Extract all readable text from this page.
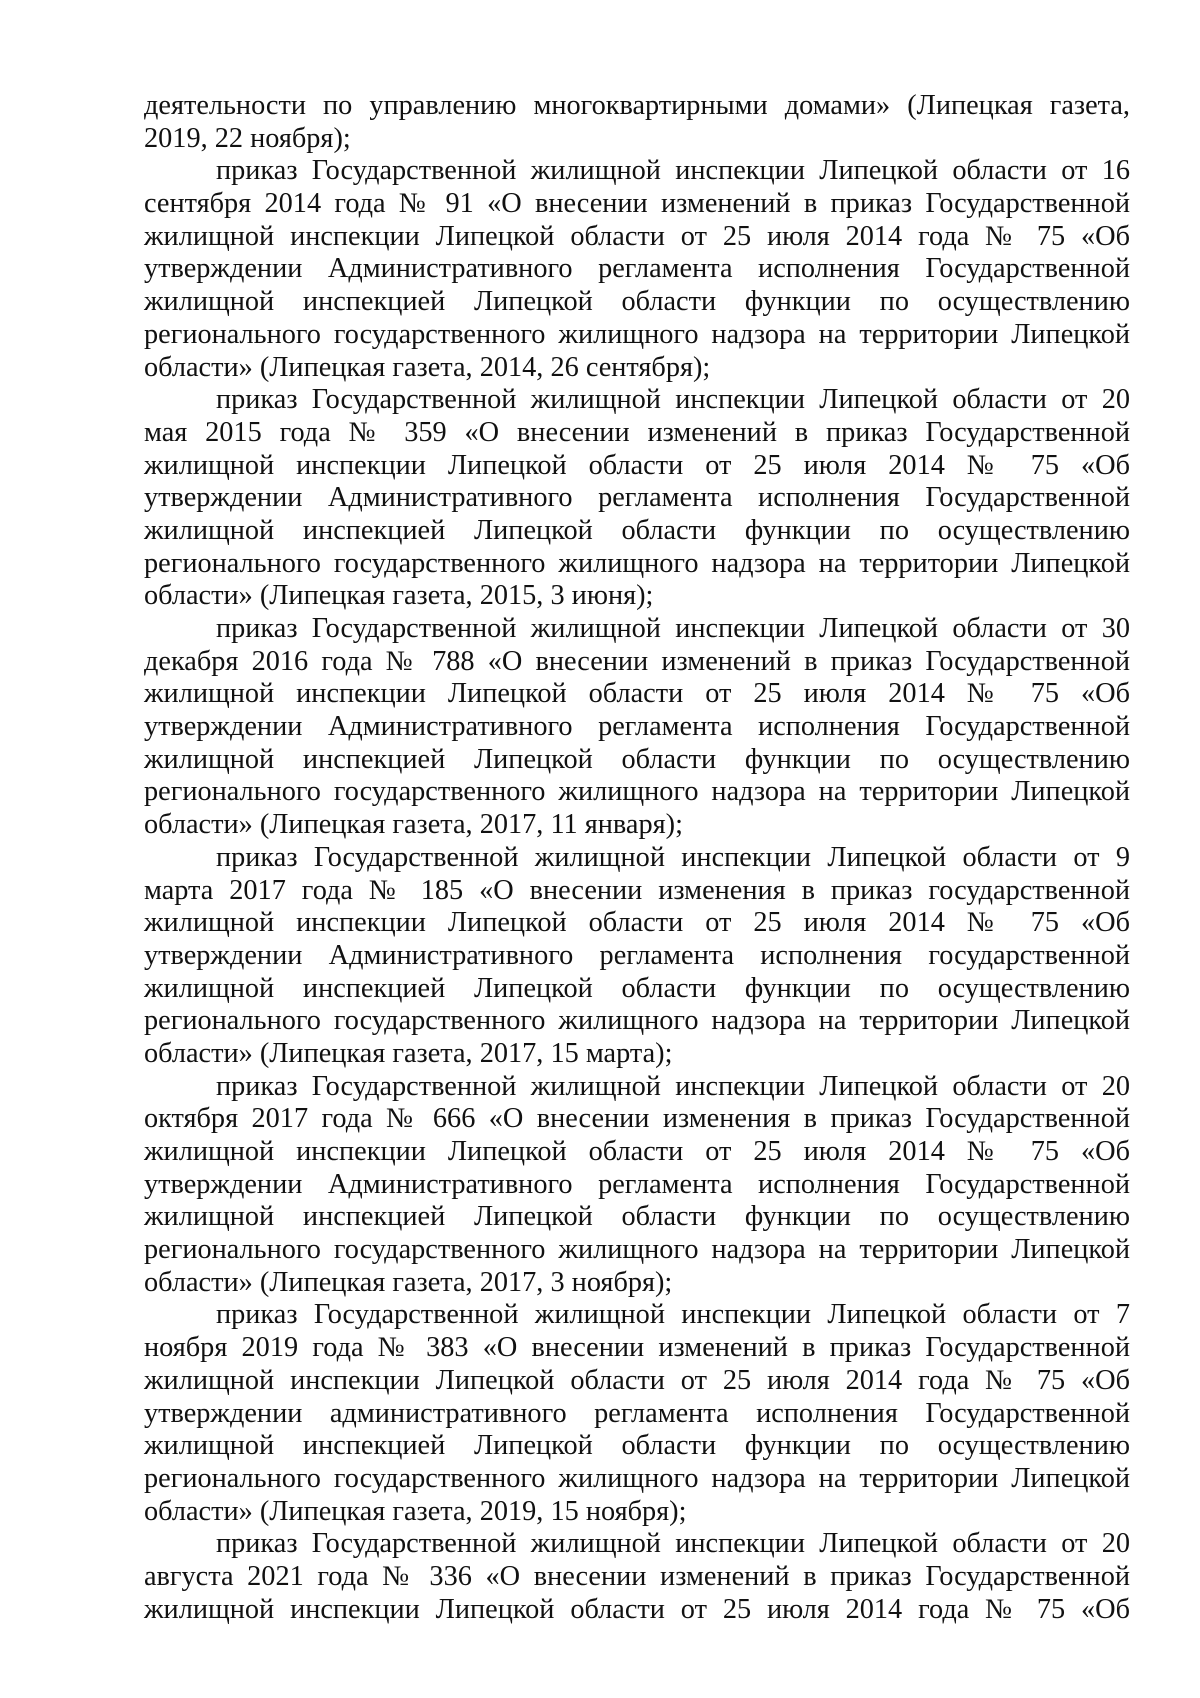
деятельности по управлению многоквартирными домами» (Липецкая газета,
2019, 22 ноября);
приказ Государственной жилищной инспекции Липецкой области от 16
сентября 2014 года № 91 «О внесении изменений в приказ Государственной
жилищной инспекции Липецкой области от 25 июля 2014 года № 75 «Об
утверждении Административного регламента исполнения Государственной
жилищной инспекцией Липецкой области функции по осуществлению
регионального государственного жилищного надзора на территории Липецкой
области» (Липецкая газета, 2014, 26 сентября);
приказ Государственной жилищной инспекции Липецкой области от 20
мая 2015 года № 359 «О внесении изменений в приказ Государственной
жилищной инспекции Липецкой области от 25 июля 2014 № 75 «Об
утверждении Административного регламента исполнения Государственной
жилищной инспекцией Липецкой области функции по осуществлению
регионального государственного жилищного надзора на территории Липецкой
области» (Липецкая газета, 2015, 3 июня);
приказ Государственной жилищной инспекции Липецкой области от 30
декабря 2016 года № 788 «О внесении изменений в приказ Государственной
жилищной инспекции Липецкой области от 25 июля 2014 № 75 «Об
утверждении Административного регламента исполнения Государственной
жилищной инспекцией Липецкой области функции по осуществлению
регионального государственного жилищного надзора на территории Липецкой
области» (Липецкая газета, 2017, 11 января);
приказ Государственной жилищной инспекции Липецкой области от 9
марта 2017 года № 185 «О внесении изменения в приказ государственной
жилищной инспекции Липецкой области от 25 июля 2014 № 75 «Об
утверждении Административного регламента исполнения государственной
жилищной инспекцией Липецкой области функции по осуществлению
регионального государственного жилищного надзора на территории Липецкой
области» (Липецкая газета, 2017, 15 марта);
приказ Государственной жилищной инспекции Липецкой области от 20
октября 2017 года № 666 «О внесении изменения в приказ Государственной
жилищной инспекции Липецкой области от 25 июля 2014 № 75 «Об
утверждении Административного регламента исполнения Государственной
жилищной инспекцией Липецкой области функции по осуществлению
регионального государственного жилищного надзора на территории Липецкой
области» (Липецкая газета, 2017, 3 ноября);
приказ Государственной жилищной инспекции Липецкой области от 7
ноября 2019 года № 383 «О внесении изменений в приказ Государственной
жилищной инспекции Липецкой области от 25 июля 2014 года № 75 «Об
утверждении административного регламента исполнения Государственной
жилищной инспекцией Липецкой области функции по осуществлению
регионального государственного жилищного надзора на территории Липецкой
области» (Липецкая газета, 2019, 15 ноября);
приказ Государственной жилищной инспекции Липецкой области от 20
августа 2021 года № 336 «О внесении изменений в приказ Государственной
жилищной инспекции Липецкой области от 25 июля 2014 года № 75 «Об
